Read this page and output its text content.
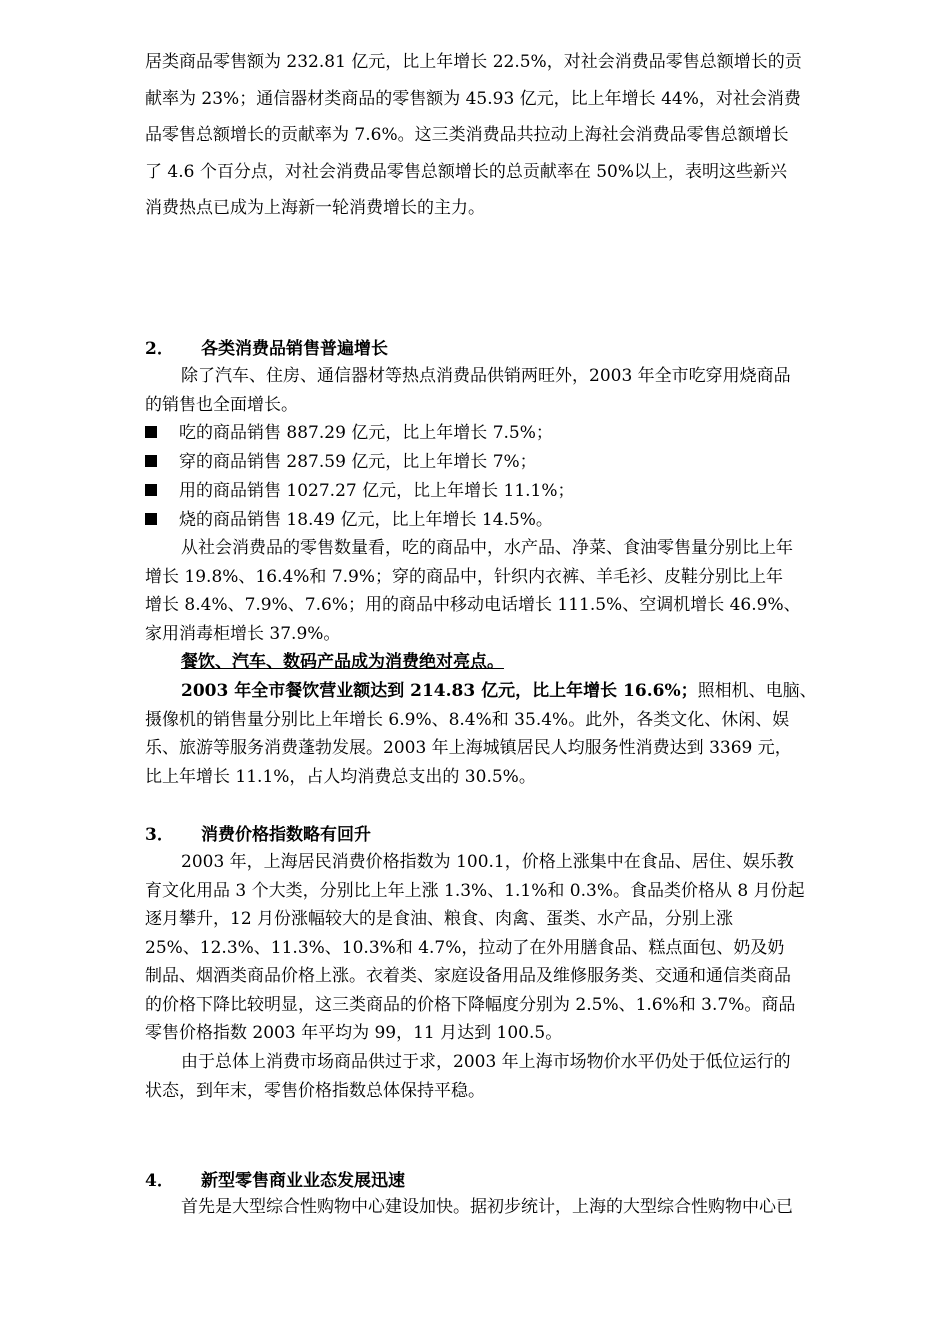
居类商品零售额为 232.81 亿元，比上年增长 22.5%，对社会消费品零售总额增长的贡
献率为 23%；通信器材类商品的零售额为 45.93 亿元，比上年增长 44%，对社会消费
品零售总额增长的贡献率为 7.6%。这三类消费品共拉动上海社会消费品零售总额增长
了 4.6 个百分点，对社会消费品零售总额增长的总贡献率在 50%以上，表明这些新兴
消费热点已成为上海新一轮消费增长的主力。
2． 各类消费品销售普遍增长
除了汽车、住房、通信器材等热点消费品供销两旺外，2003 年全市吃穿用烧商品
的销售也全面增长。
吃的商品销售 887.29 亿元，比上年增长 7.5%；
穿的商品销售 287.59 亿元，比上年增长 7%；
用的商品销售 1027.27 亿元，比上年增长 11.1%；
烧的商品销售 18.49 亿元，比上年增长 14.5%。
从社会消费品的零售数量看，吃的商品中，水产品、净菜、食油零售量分别比上年
增长 19.8%、16.4%和 7.9%；穿的商品中，针织内衣裤、羊毛衫、皮鞋分别比上年
增长 8.4%、7.9%、7.6%；用的商品中移动电话增长 111.5%、空调机增长 46.9%、
家用消毒柜增长 37.9%。
餐饮、汽车、数码产品成为消费绝对亮点。
2003 年全市餐饮营业额达到 214.83 亿元，比上年增长 16.6%；照相机、电脑、
摄像机的销售量分别比上年增长 6.9%、8.4%和 35.4%。此外，各类文化、休闲、娱
乐、旅游等服务消费蓬勃发展。2003 年上海城镇居民人均服务性消费达到 3369 元，
比上年增长 11.1%，占人均消费总支出的 30.5%。
3． 消费价格指数略有回升
2003 年，上海居民消费价格指数为 100.1，价格上涨集中在食品、居住、娱乐教
育文化用品 3 个大类，分别比上年上涨 1.3%、1.1%和 0.3%。食品类价格从 8 月份起
逐月攀升，12 月份涨幅较大的是食油、粮食、肉禽、蛋类、水产品，分别上涨
25%、12.3%、11.3%、10.3%和 4.7%，拉动了在外用膳食品、糕点面包、奶及奶
制品、烟酒类商品价格上涨。衣着类、家庭设备用品及维修服务类、交通和通信类商品
的价格下降比较明显，这三类商品的价格下降幅度分别为 2.5%、1.6%和 3.7%。商品
零售价格指数 2003 年平均为 99，11 月达到 100.5。
由于总体上消费市场商品供过于求，2003 年上海市场物价水平仍处于低位运行的
状态，到年末，零售价格指数总体保持平稳。
4． 新型零售商业业态发展迅速
首先是大型综合性购物中心建设加快。据初步统计，上海的大型综合性购物中心已
